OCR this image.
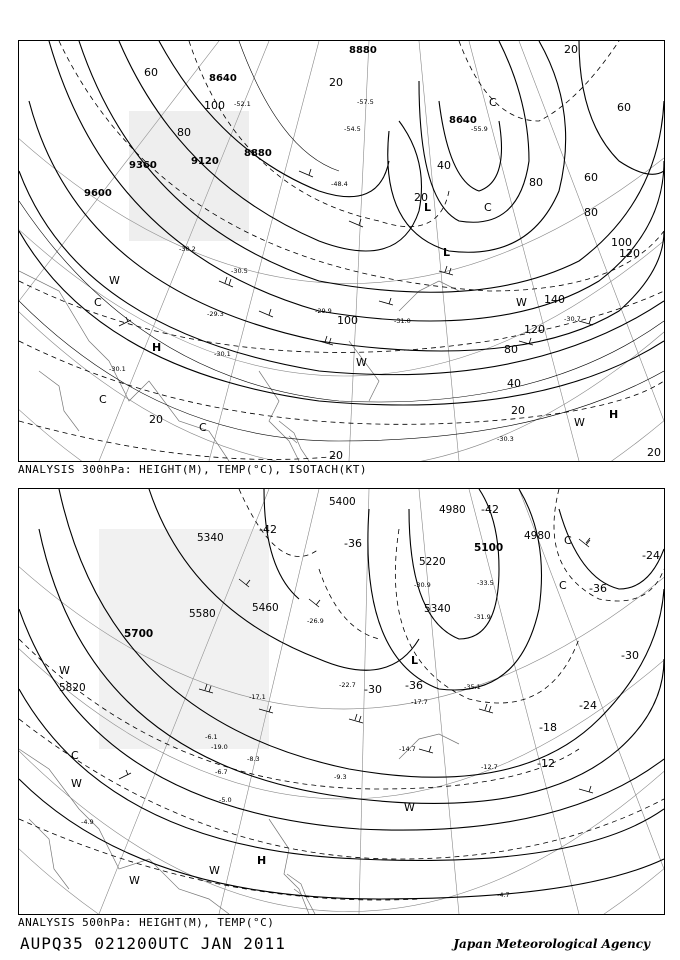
8880
8640
8880
8640
9120
9360
9600
60
100
80
20
40
20
60
80
100
120
140
120
100
80
40
20
20
60
80
20
20	20
-30.2
-30.1
-29.3
-30.7
-30.3
-31.0
-30.1
-29.9
-30.5
-52.1
-48.4
-54.5
-57.5
-55.9
L
L
H
H
C
C
C
C
C
W
W
W
W
ANALYSIS 300hPa: HEIGHT(M), TEMP(°C), ISOTACH(KT)
5400
5340
5460
5580
5700
5820
4980
5100
5220
5340
4980
-42
-36
-30
-24
-18
-12
-36
-30
-24
-36
-42
-17.1
-17.7
-19.0	-14.7
-12.7
-9.3
-8.3
-6.7
-4.7
-5.0
-4.9
-6.1
-22.7
-26.9
-30.9
-31.9
-33.5
-35.1
L
H
C
C
C
W
W
W
W
W
ANALYSIS 500hPa: HEIGHT(M), TEMP(°C)
AUPQ35 021200UTC JAN 2011	Japan Meteorological Agency
